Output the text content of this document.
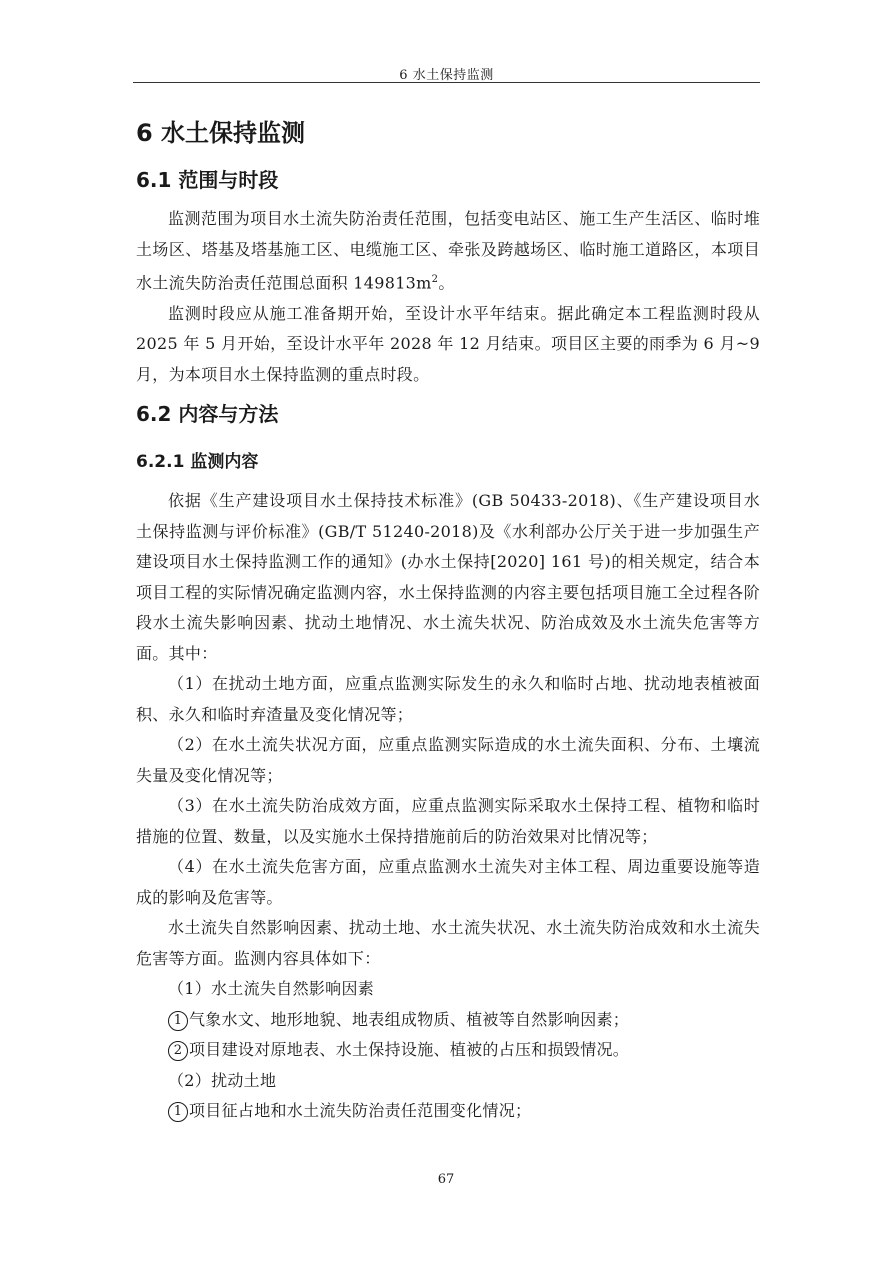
6 水土保持监测
6 水土保持监测
6.1 范围与时段

监测范围为项目水土流失防治责任范围，包括变电站区、施工生产生活区、临时堆土场区、塔基及塔基施工区、电缆施工区、牵张及跨越场区、临时施工道路区，本项目水土流失防治责任范围总面积 $149813m^2$。

监测时段应从施工准备期开始，至设计水平年结束。据此确定本工程监测时段从 2025 年 5 月开始，至设计水平年 2028 年 12 月结束。项目区主要的雨季为 6 月~9 月，为本项目水土保持监测的重点时段。

6.2 内容与方法
6.2.1 监测内容

依据《生产建设项目水土保持技术标准》(GB 50433-2018)、《生产建设项目水土保持监测与评价标准》(GB/T 51240-2018)及《水利部办公厅关于进一步加强生产建设项目水土保持监测工作的通知》(办水土保持[2020] 161 号)的相关规定，结合本项目工程的实际情况确定监测内容，水土保持监测的内容主要包括项目施工全过程各阶段水土流失影响因素、扰动土地情况、水土流失状况、防治成效及水土流失危害等方面。其中：

（1）在扰动土地方面，应重点监测实际发生的永久和临时占地、扰动地表植被面积、永久和临时弃渣量及变化情况等；

（2）在水土流失状况方面，应重点监测实际造成的水土流失面积、分布、土壤流失量及变化情况等；

（3）在水土流失防治成效方面，应重点监测实际采取水土保持工程、植物和临时措施的位置、数量，以及实施水土保持措施前后的防治效果对比情况等；

（4）在水土流失危害方面，应重点监测水土流失对主体工程、周边重要设施等造成的影响及危害等。

水土流失自然影响因素、扰动土地、水土流失状况、水土流失防治成效和水土流失危害等方面。监测内容具体如下：

（1）水土流失自然影响因素

1 气象水文、地形地貌、地表组成物质、植被等自然影响因素；

2 项目建设对原地表、水土保持设施、植被的占压和损毁情况。

（2）扰动土地

1 项目征占地和水土流失防治责任范围变化情况；

67
